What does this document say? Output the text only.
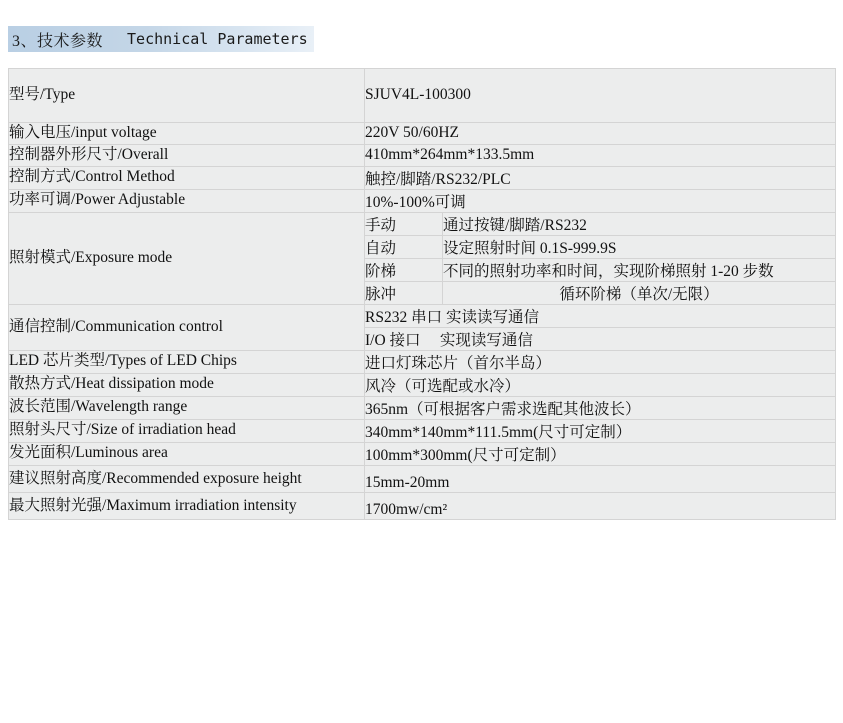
3、技术参数 Technical Parameters
型号/Type	SJUV4L-100300	
输入电压/input voltage	220V 50/60HZ	
控制器外形尺寸/Overall	410mm*264mm*133.5mm	
控制方式/Control Method	触控/脚踏/RS232/PLC	
功率可调/Power Adjustable	10%-100%可调	
照射模式/Exposure mode	手动	通过按键/脚踏/RS232
	自动	设定照射时间 0.1S-999.9S
	阶梯	不同的照射功率和时间，实现阶梯照射 1-20 步数
	脉冲	循环阶梯（单次/无限）
通信控制/Communication control	RS232 串口 实读读写通信	
	I/O 接口　 实现读写通信	
LED 芯片类型/Types of LED Chips	进口灯珠芯片（首尔半岛）	
散热方式/Heat dissipation mode	风冷（可选配或水冷）	
波长范围/Wavelength range	365nm（可根据客户需求选配其他波长）	
照射头尺寸/Size of irradiation head	340mm*140mm*111.5mm(尺寸可定制）	
发光面积/Luminous area	100mm*300mm(尺寸可定制）	
建议照射高度/Recommended exposure height	15mm-20mm	
最大照射光强/Maximum irradiation intensity	1700mw/cm²	
